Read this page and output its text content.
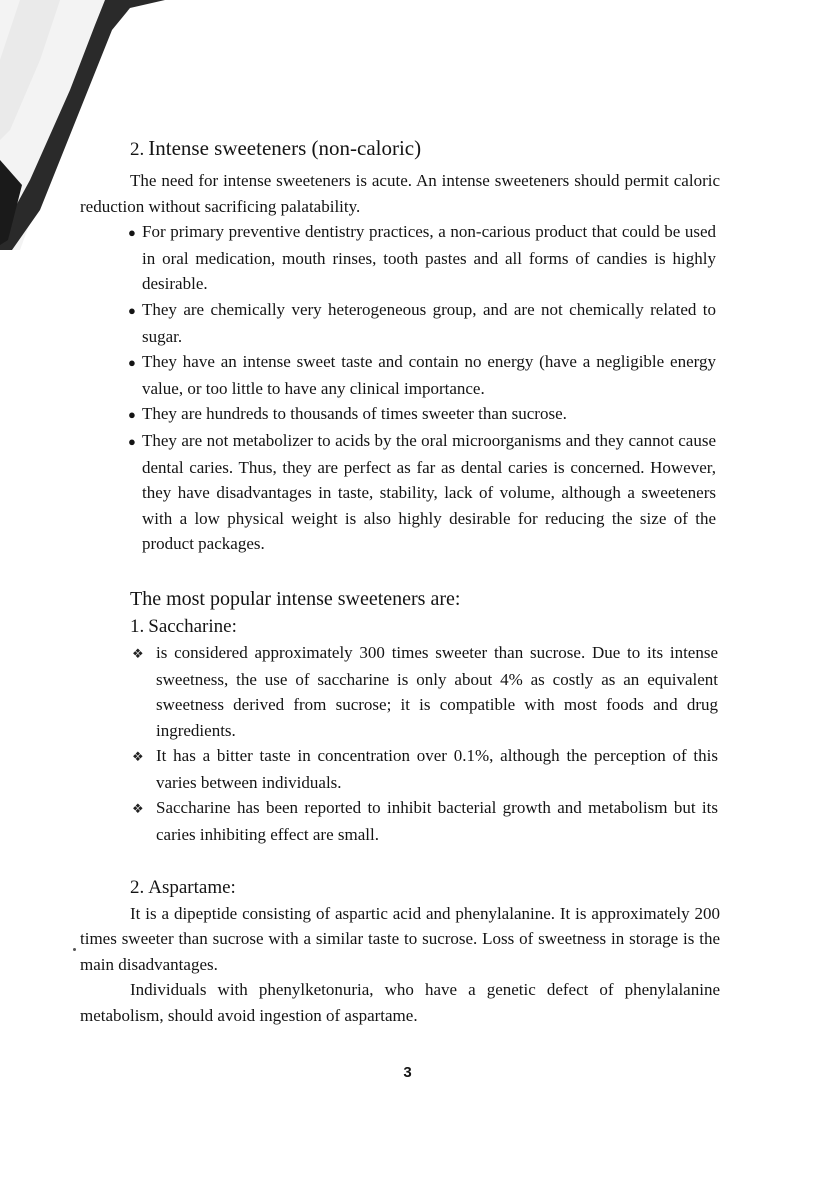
2. Intense sweeteners (non-caloric)

The need for intense sweeteners is acute. An intense sweeteners should permit caloric reduction without sacrificing palatability.

● For primary preventive dentistry practices, a non-carious product that could be used in oral medication, mouth rinses, tooth pastes and all forms of candies is highly desirable.
● They are chemically very heterogeneous group, and are not chemically related to sugar.
● They have an intense sweet taste and contain no energy (have a negligible energy value, or too little to have any clinical importance.
● They are hundreds to thousands of times sweeter than sucrose.
● They are not metabolizer to acids by the oral microorganisms and they cannot cause dental caries. Thus, they are perfect as far as dental caries is concerned. However, they have disadvantages in taste, stability, lack of volume, although a sweeteners with a low physical weight is also highly desirable for reducing the size of the product packages.
The most popular intense sweeteners are:
1. Saccharine:
❖ is considered approximately 300 times sweeter than sucrose. Due to its intense sweetness, the use of saccharine is only about 4% as costly as an equivalent sweetness derived from sucrose; it is compatible with most foods and drug ingredients.
❖ It has a bitter taste in concentration over 0.1%, although the perception of this varies between individuals.
❖ Saccharine has been reported to inhibit bacterial growth and metabolism but its caries inhibiting effect are small.
2. Aspartame:

It is a dipeptide consisting of aspartic acid and phenylalanine. It is approximately 200 times sweeter than sucrose with a similar taste to sucrose. Loss of sweetness in storage is the main disadvantages.

Individuals with phenylketonuria, who have a genetic defect of phenylalanine metabolism, should avoid ingestion of aspartame.

3
